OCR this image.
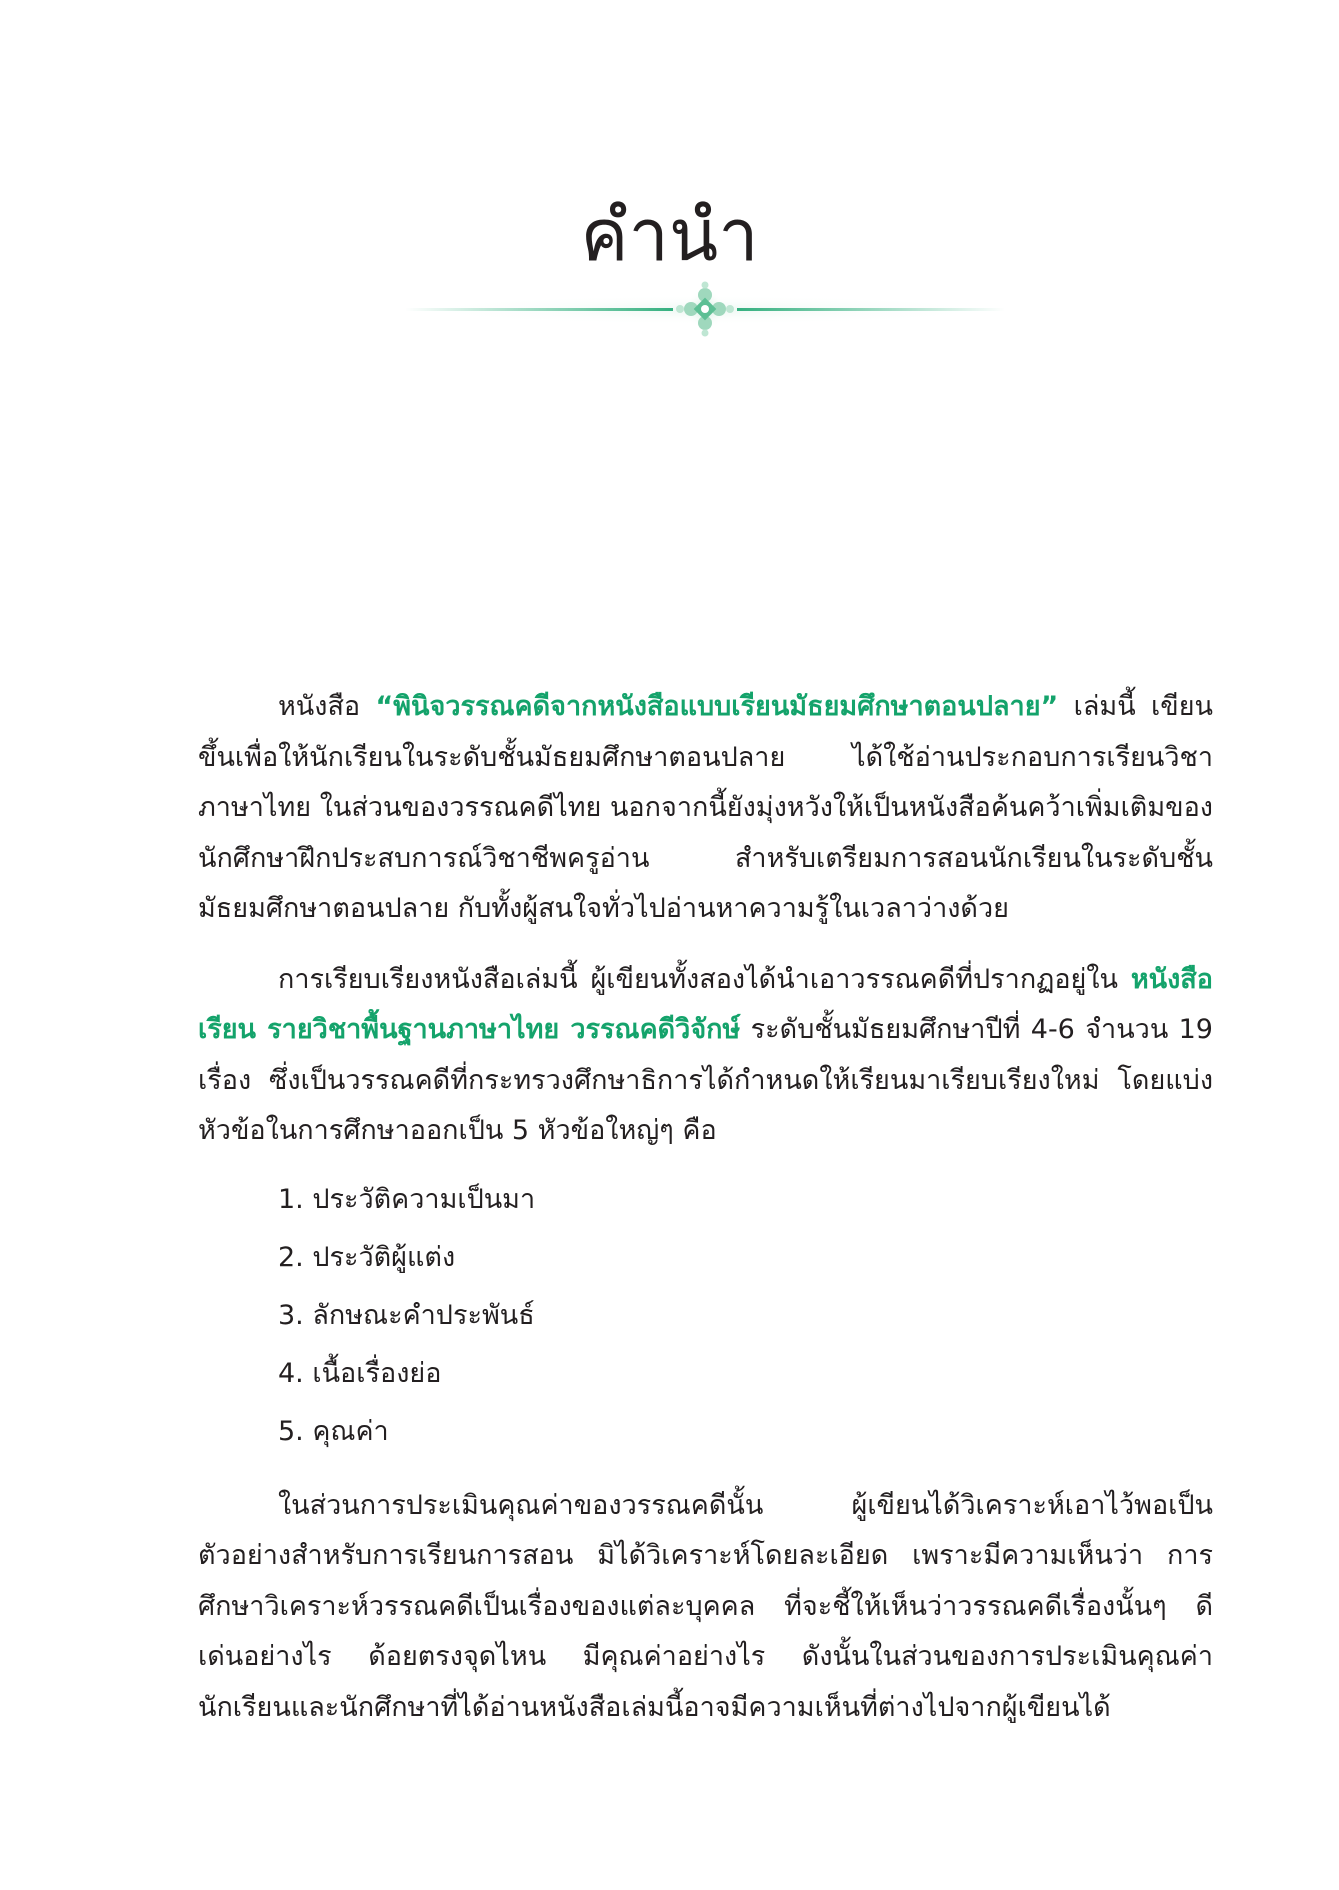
คำนำ

หนังสือ “พินิจวรรณคดีจากหนังสือแบบเรียนมัธยมศึกษาตอนปลาย” เล่มนี้ เขียนขึ้นเพื่อให้นักเรียนในระดับชั้นมัธยมศึกษาตอนปลาย ได้ใช้อ่านประกอบการเรียนวิชาภาษาไทย ในส่วนของวรรณคดีไทย นอกจากนี้ยังมุ่งหวังให้เป็นหนังสือค้นคว้าเพิ่มเติมของนักศึกษาฝึกประสบการณ์วิชาชีพครูอ่าน สำหรับเตรียมการสอนนักเรียนในระดับชั้นมัธยมศึกษาตอนปลาย กับทั้งผู้สนใจทั่วไปอ่านหาความรู้ในเวลาว่างด้วย

การเรียบเรียงหนังสือเล่มนี้ ผู้เขียนทั้งสองได้นำเอาวรรณคดีที่ปรากฏอยู่ใน หนังสือเรียน รายวิชาพื้นฐานภาษาไทย วรรณคดีวิจักษ์ ระดับชั้นมัธยมศึกษาปีที่ 4-6 จำนวน 19 เรื่อง ซึ่งเป็นวรรณคดีที่กระทรวงศึกษาธิการได้กำหนดให้เรียนมาเรียบเรียงใหม่ โดยแบ่งหัวข้อในการศึกษาออกเป็น 5 หัวข้อใหญ่ๆ คือ

1. ประวัติความเป็นมา
2. ประวัติผู้แต่ง
3. ลักษณะคำประพันธ์
4. เนื้อเรื่องย่อ
5. คุณค่า

ในส่วนการประเมินคุณค่าของวรรณคดีนั้น ผู้เขียนได้วิเคราะห์เอาไว้พอเป็นตัวอย่างสำหรับการเรียนการสอน มิได้วิเคราะห์โดยละเอียด เพราะมีความเห็นว่า การศึกษาวิเคราะห์วรรณคดีเป็นเรื่องของแต่ละบุคคล ที่จะชี้ให้เห็นว่าวรรณคดีเรื่องนั้นๆ ดีเด่นอย่างไร ด้อยตรงจุดไหน มีคุณค่าอย่างไร ดังนั้นในส่วนของการประเมินคุณค่า นักเรียนและนักศึกษาที่ได้อ่านหนังสือเล่มนี้อาจมีความเห็นที่ต่างไปจากผู้เขียนได้
